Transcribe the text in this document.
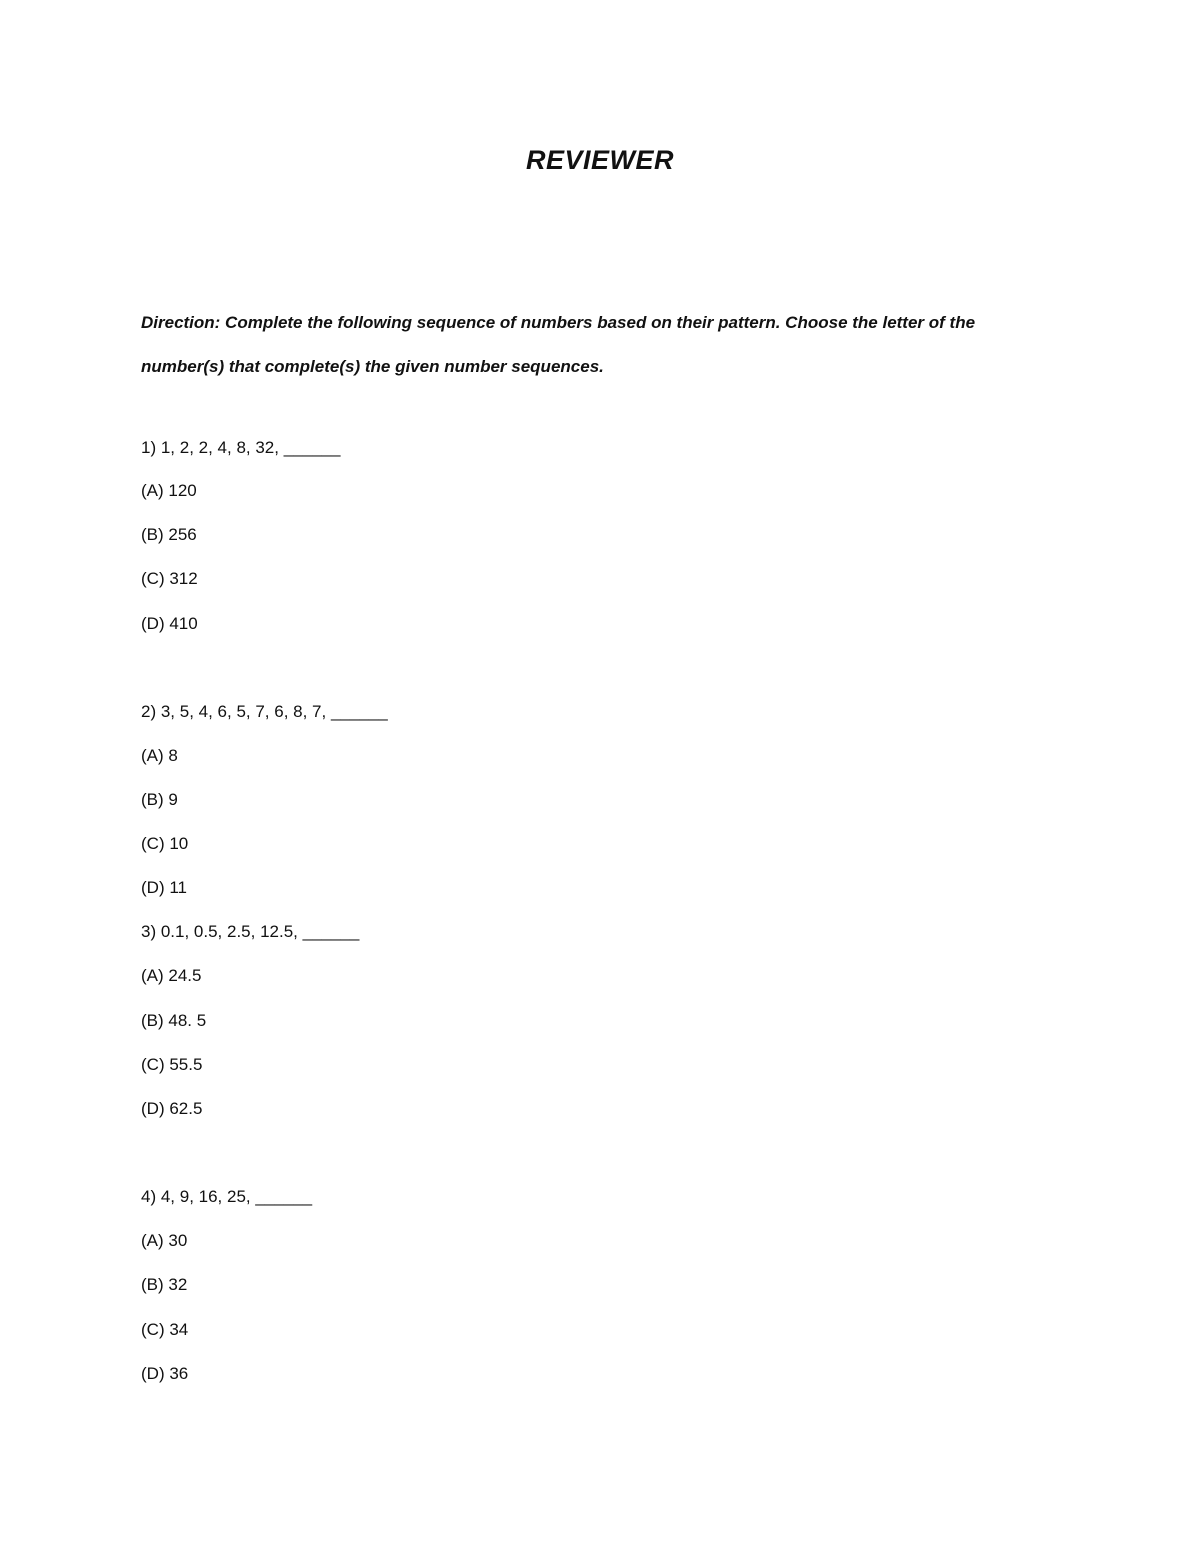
REVIEWER

Direction: Complete the following sequence of numbers based on their pattern. Choose the letter of the number(s) that complete(s) the given number sequences.

1) 1, 2, 2, 4, 8, 32, ______

(A) 120

(B) 256

(C) 312

(D) 410

2) 3, 5, 4, 6, 5, 7, 6, 8, 7, ______

(A) 8

(B) 9

(C) 10

(D) 11

3) 0.1, 0.5, 2.5, 12.5, ______

(A) 24.5

(B) 48. 5

(C) 55.5

(D) 62.5

4) 4, 9, 16, 25, ______

(A) 30

(B) 32

(C) 34

(D) 36
